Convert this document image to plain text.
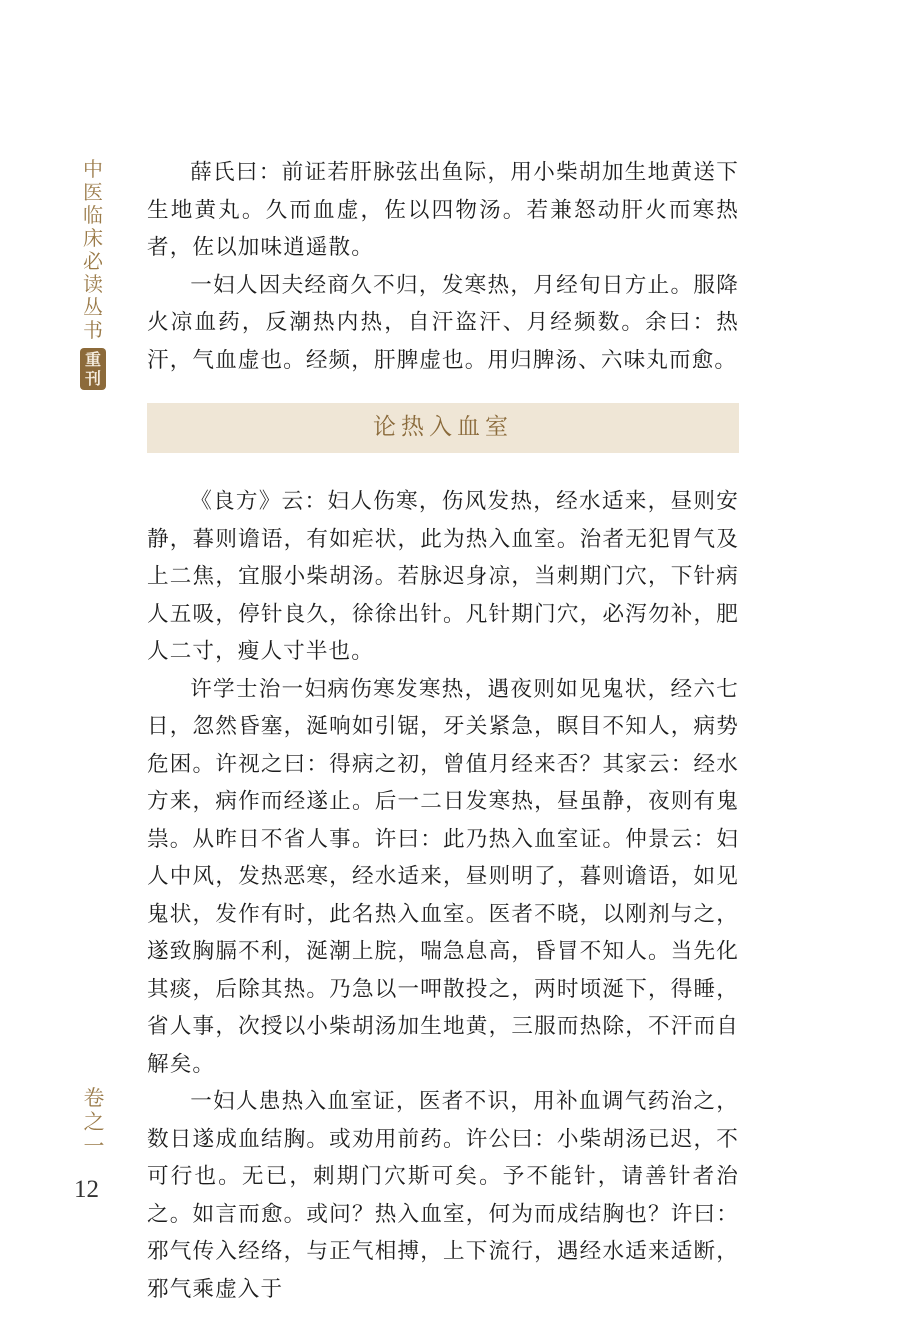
中
医
临
床
必
读
丛
书
重
刊

薛氏曰：前证若肝脉弦出鱼际，用小柴胡加生地黄送下生地黄丸。久而血虚，佐以四物汤。若兼怒动肝火而寒热者，佐以加味逍遥散。

一妇人因夫经商久不归，发寒热，月经旬日方止。服降火凉血药，反潮热内热，自汗盗汗、月经频数。余曰：热汗，气血虚也。经频，肝脾虚也。用归脾汤、六味丸而愈。

论热入血室

《良方》云：妇人伤寒，伤风发热，经水适来，昼则安静，暮则谵语，有如疟状，此为热入血室。治者无犯胃气及上二焦，宜服小柴胡汤。若脉迟身凉，当刺期门穴，下针病人五吸，停针良久，徐徐出针。凡针期门穴，必泻勿补，肥人二寸，瘦人寸半也。

许学士治一妇病伤寒发寒热，遇夜则如见鬼状，经六七日，忽然昏塞，涎响如引锯，牙关紧急，瞑目不知人，病势危困。许视之曰：得病之初，曾值月经来否？其家云：经水方来，病作而经遂止。后一二日发寒热，昼虽静，夜则有鬼祟。从昨日不省人事。许曰：此乃热入血室证。仲景云：妇人中风，发热恶寒，经水适来，昼则明了，暮则谵语，如见鬼状，发作有时，此名热入血室。医者不晓，以刚剂与之，遂致胸膈不利，涎潮上脘，喘急息高，昏冒不知人。当先化其痰，后除其热。乃急以一呷散投之，两时顷涎下，得睡，省人事，次授以小柴胡汤加生地黄，三服而热除，不汗而自解矣。

一妇人患热入血室证，医者不识，用补血调气药治之，数日遂成血结胸。或劝用前药。许公曰：小柴胡汤已迟，不可行也。无已，刺期门穴斯可矣。予不能针，请善针者治之。如言而愈。或问？热入血室，何为而成结胸也？许曰：邪气传入经络，与正气相搏，上下流行，遇经水适来适断，邪气乘虚入于

卷
之
一
12
